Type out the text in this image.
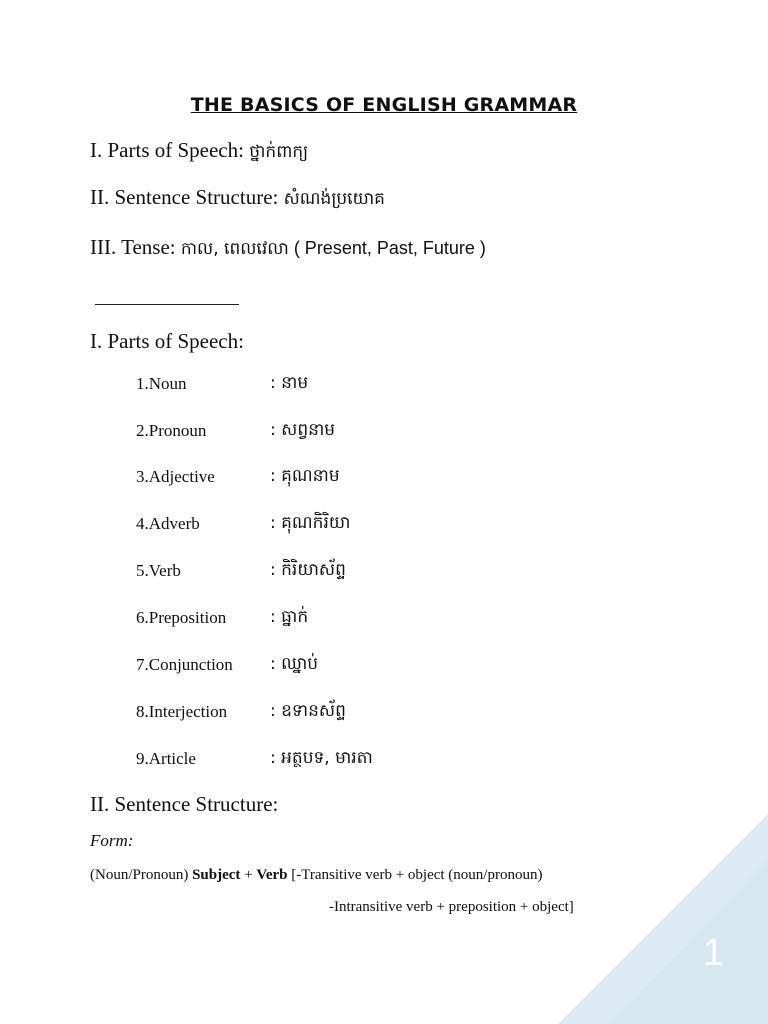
THE BASICS OF ENGLISH GRAMMAR
I. Parts of Speech: ថ្នាក់ពាក្យ
II. Sentence Structure: សំណង់ប្រយោគ
III. Tense: កាល, ពេលវេលា ( Present, Past, Future )
I. Parts of Speech:
1.Noun	: នាម
2.Pronoun	: សព្វនាម
3.Adjective	: គុណនាម
4.Adverb	: គុណកិរិយា
5.Verb	: កិរិយាស័ព្ទ
6.Preposition	: ធ្នាក់
7.Conjunction : ឈ្នាប់
8.Interjection	: ឧទានស័ព្ទ
9.Article	: អត្ថបទ, មារតា
II. Sentence Structure:
Form:
(Noun/Pronoun) Subject + Verb [-Transitive verb + object (noun/pronoun)
-Intransitive verb + preposition + object]
1
